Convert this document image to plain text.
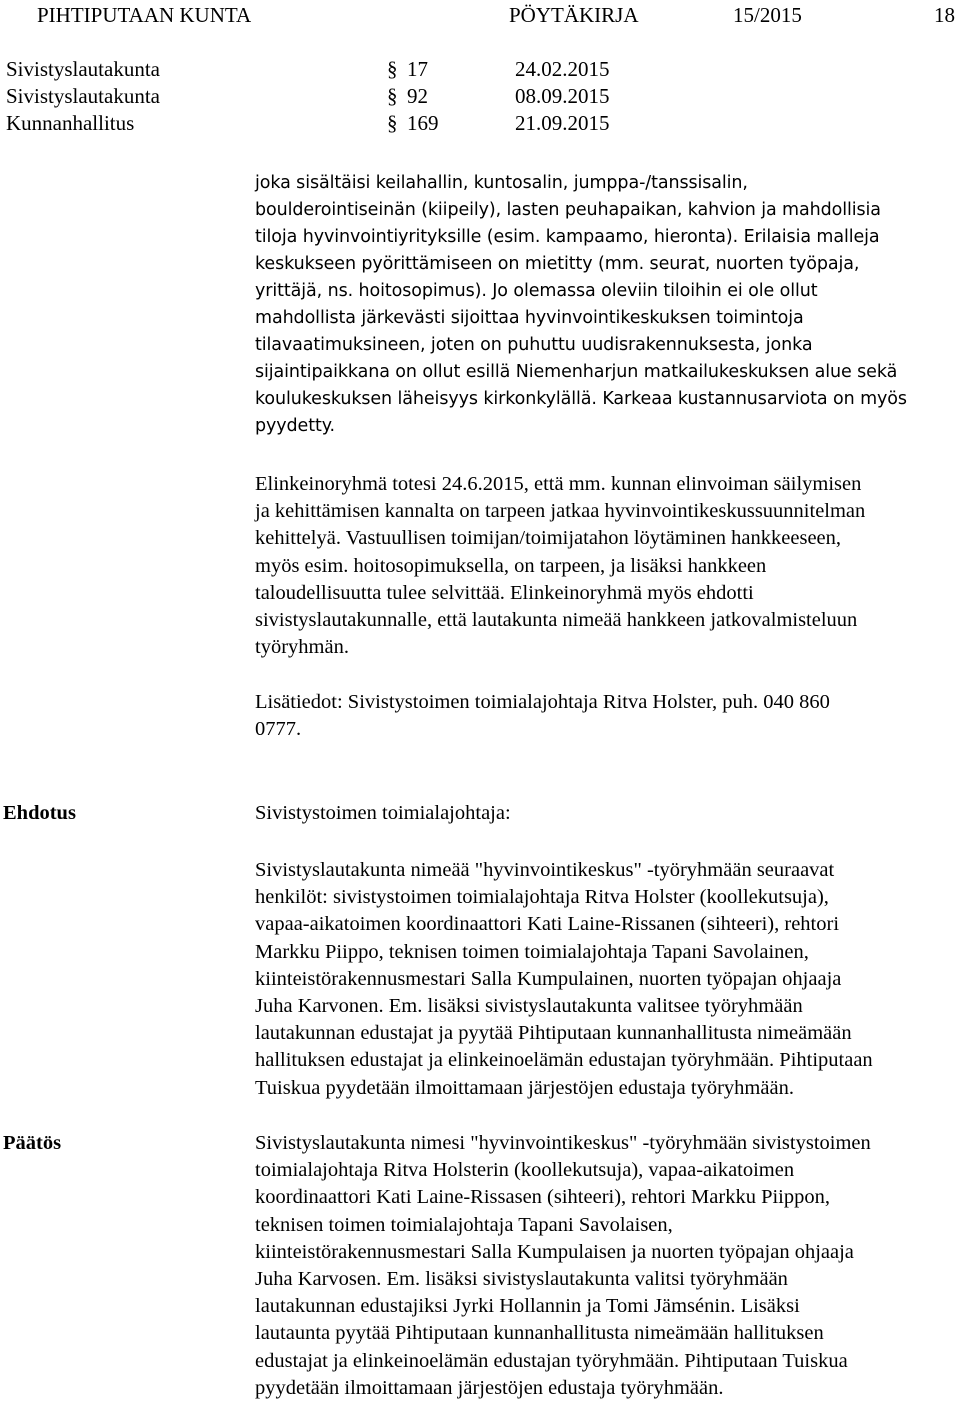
PIHTIPUTAAN KUNTA	PÖYTÄKIRJA	15/2015	18
Sivistyslautakunta	§ 17	24.02.2015
Sivistyslautakunta	§ 92	08.09.2015
Kunnanhallitus	§ 169	21.09.2015
joka sisältäisi keilahallin, kuntosalin, jumppa-/tanssisalin,
boulderointiseinän (kiipeily), lasten peuhapaikan, kahvion ja mahdollisia
tiloja hyvinvointiyrityksille (esim. kampaamo, hieronta). Erilaisia malleja
keskukseen pyörittämiseen on mietitty (mm. seurat, nuorten työpaja,
yrittäjä, ns. hoitosopimus). Jo olemassa oleviin tiloihin ei ole ollut
mahdollista järkevästi sijoittaa hyvinvointikeskuksen toimintoja
tilavaatimuksineen, joten on puhuttu uudisrakennuksesta, jonka
sijaintipaikkana on ollut esillä Niemenharjun matkailukeskuksen alue sekä
koulukeskuksen läheisyys kirkonkylällä. Karkeaa kustannusarviota on myös
pyydetty.
Elinkeinoryhmä totesi 24.6.2015, että mm. kunnan elinvoiman säilymisen
ja kehittämisen kannalta on tarpeen jatkaa hyvinvointikeskussuunnitelman
kehittelyä. Vastuullisen toimijan/toimijatahon löytäminen hankkeeseen,
myös esim. hoitosopimuksella, on tarpeen, ja lisäksi hankkeen
taloudellisuutta tulee selvittää. Elinkeinoryhmä myös ehdotti
sivistyslautakunnalle, että lautakunta nimeää hankkeen jatkovalmisteluun
työryhmän.
Lisätiedot: Sivistystoimen toimialajohtaja Ritva Holster, puh. 040 860
0777.
Ehdotus	Sivistystoimen toimialajohtaja:
Sivistyslautakunta nimeää "hyvinvointikeskus" -työryhmään seuraavat
henkilöt: sivistystoimen toimialajohtaja Ritva Holster (koollekutsuja),
vapaa-aikatoimen koordinaattori Kati Laine-Rissanen (sihteeri), rehtori
Markku Piippo, teknisen toimen toimialajohtaja Tapani Savolainen,
kiinteistörakennusmestari Salla Kumpulainen, nuorten työpajan ohjaaja
Juha Karvonen. Em. lisäksi sivistyslautakunta valitsee työryhmään
lautakunnan edustajat ja pyytää Pihtiputaan kunnanhallitusta nimeämään
hallituksen edustajat ja elinkeinoelämän edustajan työryhmään. Pihtiputaan
Tuiskua pyydetään ilmoittamaan järjestöjen edustaja työryhmään.
Päätös	Sivistyslautakunta nimesi "hyvinvointikeskus" -työryhmään sivistystoimen
toimialajohtaja Ritva Holsterin (koollekutsuja), vapaa-aikatoimen
koordinaattori Kati Laine-Rissasen (sihteeri), rehtori Markku Piippon,
teknisen toimen toimialajohtaja Tapani Savolaisen,
kiinteistörakennusmestari Salla Kumpulaisen ja nuorten työpajan ohjaaja
Juha Karvosen. Em. lisäksi sivistyslautakunta valitsi työryhmään
lautakunnan edustajiksi Jyrki Hollannin ja Tomi Jämsénin. Lisäksi
lautaunta pyytää Pihtiputaan kunnanhallitusta nimeämään hallituksen
edustajat ja elinkeinoelämän edustajan työryhmään. Pihtiputaan Tuiskua
pyydetään ilmoittamaan järjestöjen edustaja työryhmään.
